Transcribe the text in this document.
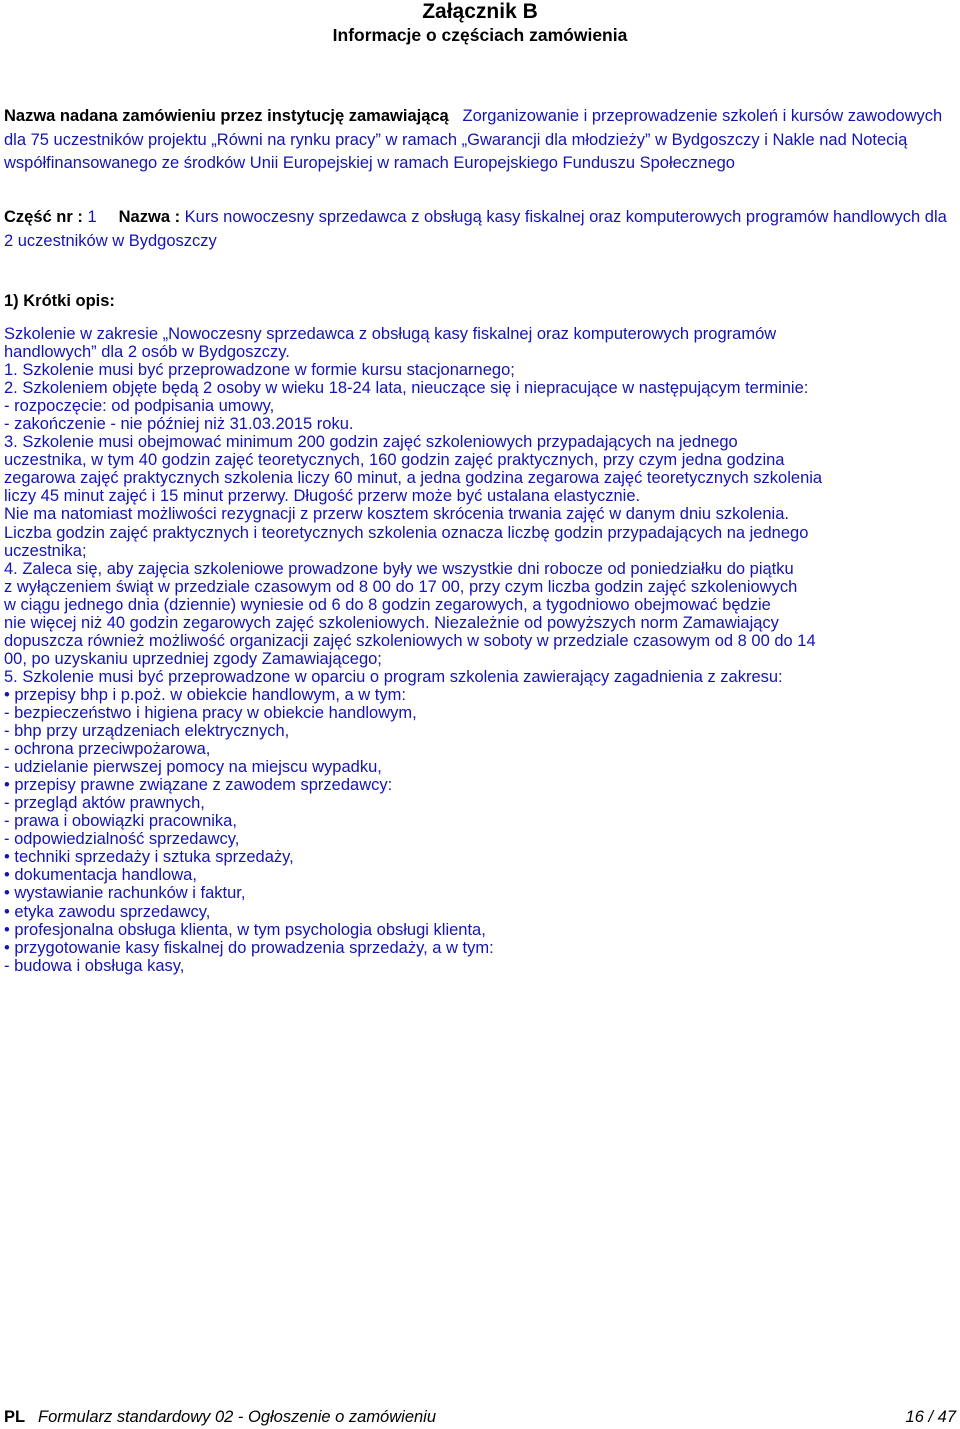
Załącznik B
Informacje o częściach zamówienia
Nazwa nadana zamówieniu przez instytucję zamawiającą Zorganizowanie i przeprowadzenie szkoleń i kursów zawodowych dla 75 uczestników projektu „Równi na rynku pracy” w ramach „Gwarancji dla młodzieży” w Bydgoszczy i Nakle nad Notecią współfinansowanego ze środków Unii Europejskiej w ramach Europejskiego Funduszu Społecznego
Część nr : 1 Nazwa : Kurs nowoczesny sprzedawca z obsługą kasy fiskalnej oraz komputerowych programów handlowych dla 2 uczestników w Bydgoszczy
1) Krótki opis:
Szkolenie w zakresie „Nowoczesny sprzedawca z obsługą kasy fiskalnej oraz komputerowych programów
handlowych” dla 2 osób w Bydgoszczy.
1. Szkolenie musi być przeprowadzone w formie kursu stacjonarnego;
2. Szkoleniem objęte będą 2 osoby w wieku 18-24 lata, nieuczące się i niepracujące w następującym terminie:
- rozpoczęcie: od podpisania umowy,
- zakończenie - nie później niż 31.03.2015 roku.
3. Szkolenie musi obejmować minimum 200 godzin zajęć szkoleniowych przypadających na jednego
uczestnika, w tym 40 godzin zajęć teoretycznych, 160 godzin zajęć praktycznych, przy czym jedna godzina
zegarowa zajęć praktycznych szkolenia liczy 60 minut, a jedna godzina zegarowa zajęć teoretycznych szkolenia
liczy 45 minut zajęć i 15 minut przerwy. Długość przerw może być ustalana elastycznie.
Nie ma natomiast możliwości rezygnacji z przerw kosztem skrócenia trwania zajęć w danym dniu szkolenia.
Liczba godzin zajęć praktycznych i teoretycznych szkolenia oznacza liczbę godzin przypadających na jednego
uczestnika;
4. Zaleca się, aby zajęcia szkoleniowe prowadzone były we wszystkie dni robocze od poniedziałku do piątku
z wyłączeniem świąt w przedziale czasowym od 8 00 do 17 00, przy czym liczba godzin zajęć szkoleniowych
w ciągu jednego dnia (dziennie) wyniesie od 6 do 8 godzin zegarowych, a tygodniowo obejmować będzie
nie więcej niż 40 godzin zegarowych zajęć szkoleniowych. Niezależnie od powyższych norm Zamawiający
dopuszcza również możliwość organizacji zajęć szkoleniowych w soboty w przedziale czasowym od 8 00 do 14
00, po uzyskaniu uprzedniej zgody Zamawiającego;
5. Szkolenie musi być przeprowadzone w oparciu o program szkolenia zawierający zagadnienia z zakresu:
• przepisy bhp i p.poż. w obiekcie handlowym, a w tym:
- bezpieczeństwo i higiena pracy w obiekcie handlowym,
- bhp przy urządzeniach elektrycznych,
- ochrona przeciwpożarowa,
- udzielanie pierwszej pomocy na miejscu wypadku,
• przepisy prawne związane z zawodem sprzedawcy:
- przegląd aktów prawnych,
- prawa i obowiązki pracownika,
- odpowiedzialność sprzedawcy,
• techniki sprzedaży i sztuka sprzedaży,
• dokumentacja handlowa,
• wystawianie rachunków i faktur,
• etyka zawodu sprzedawcy,
• profesjonalna obsługa klienta, w tym psychologia obsługi klienta,
• przygotowanie kasy fiskalnej do prowadzenia sprzedaży, a w tym:
- budowa i obsługa kasy,
PL Formularz standardowy 02 - Ogłoszenie o zamówieniu	16 / 47
